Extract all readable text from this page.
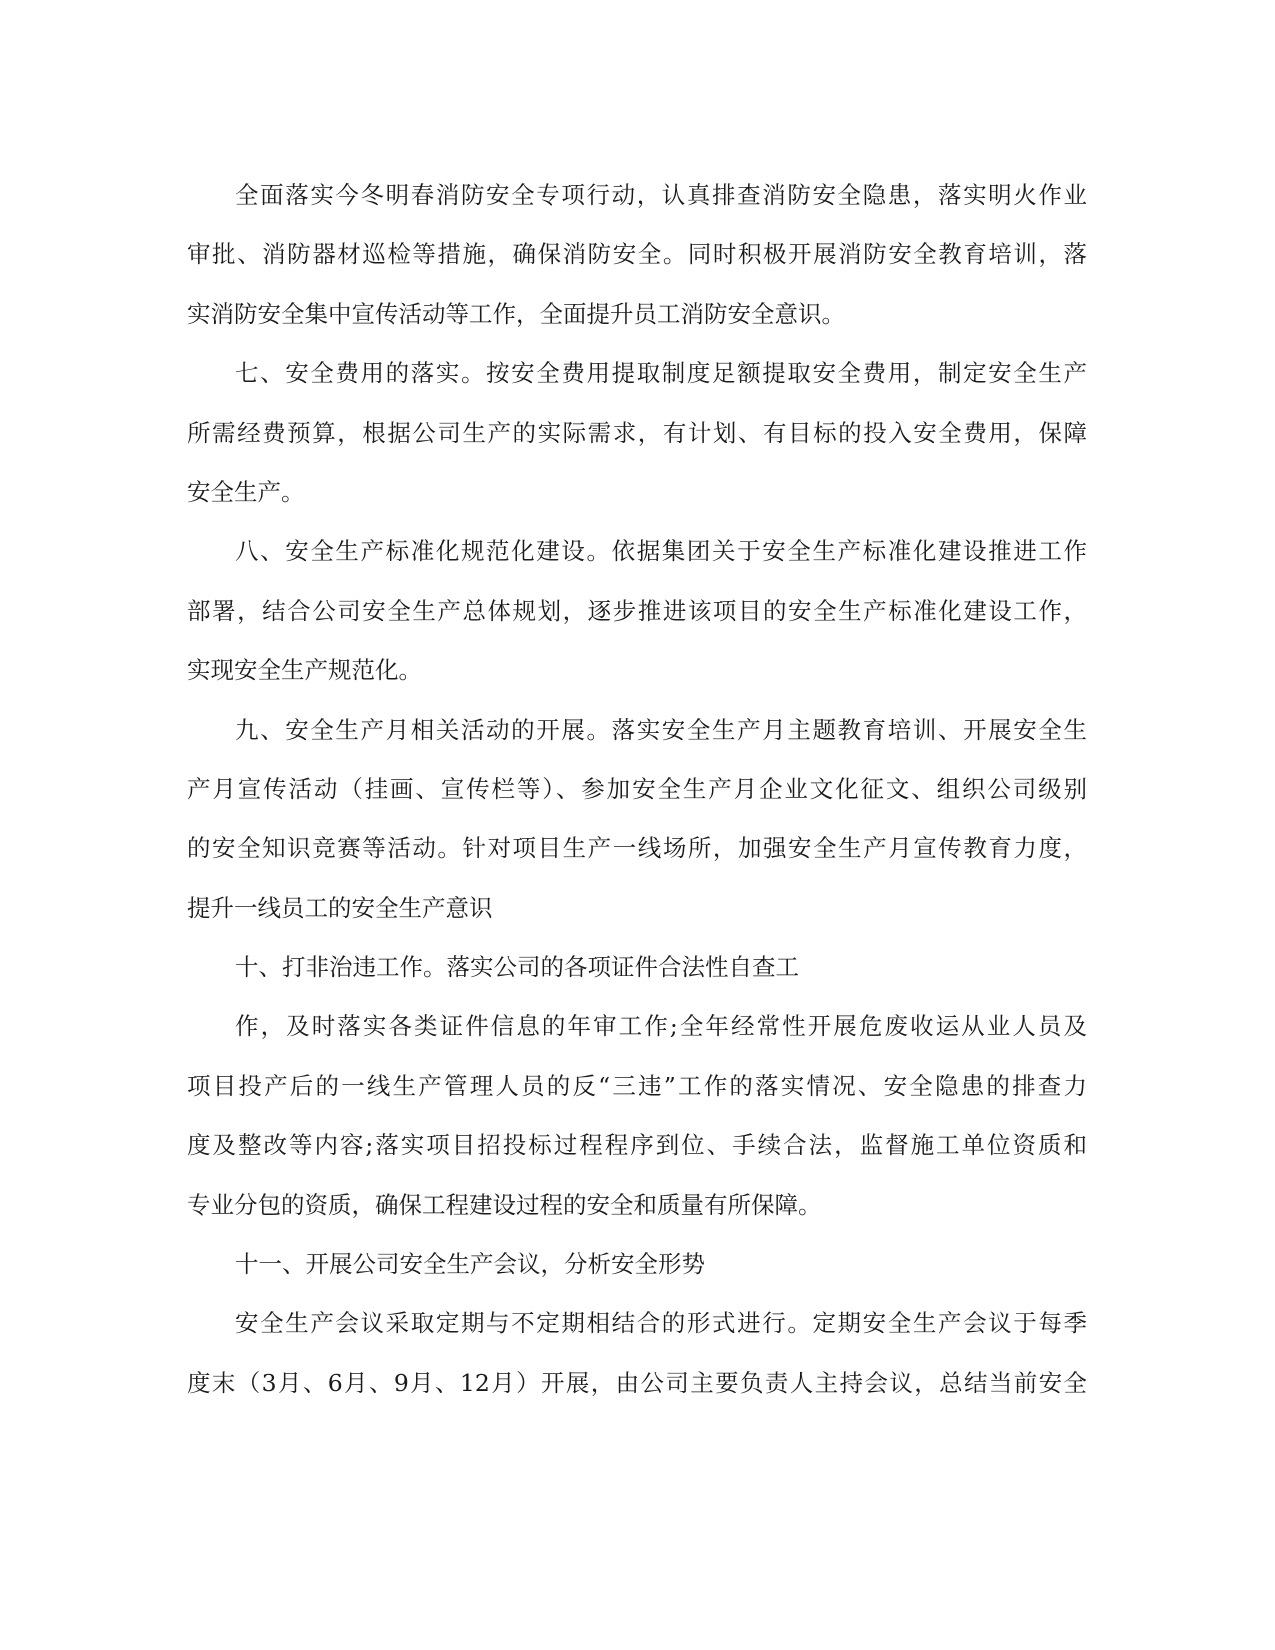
全面落实今冬明春消防安全专项行动，认真排查消防安全隐患，落实明火作业
审批、消防器材巡检等措施，确保消防安全。同时积极开展消防安全教育培训，落
实消防安全集中宣传活动等工作，全面提升员工消防安全意识。
七、安全费用的落实。按安全费用提取制度足额提取安全费用，制定安全生产
所需经费预算，根据公司生产的实际需求，有计划、有目标的投入安全费用，保障
安全生产。
八、安全生产标准化规范化建设。依据集团关于安全生产标准化建设推进工作
部署，结合公司安全生产总体规划，逐步推进该项目的安全生产标准化建设工作，
实现安全生产规范化。
九、安全生产月相关活动的开展。落实安全生产月主题教育培训、开展安全生
产月宣传活动（挂画、宣传栏等）、参加安全生产月企业文化征文、组织公司级别
的安全知识竞赛等活动。针对项目生产一线场所，加强安全生产月宣传教育力度，
提升一线员工的安全生产意识
十、打非治违工作。落实公司的各项证件合法性自查工
作，及时落实各类证件信息的年审工作;全年经常性开展危废收运从业人员及
项目投产后的一线生产管理人员的反“三违”工作的落实情况、安全隐患的排查力
度及整改等内容;落实项目招投标过程程序到位、手续合法，监督施工单位资质和
专业分包的资质，确保工程建设过程的安全和质量有所保障。
十一、开展公司安全生产会议，分析安全形势
安全生产会议采取定期与不定期相结合的形式进行。定期安全生产会议于每季
度末（3月、6月、9月、12月）开展，由公司主要负责人主持会议，总结当前安全
